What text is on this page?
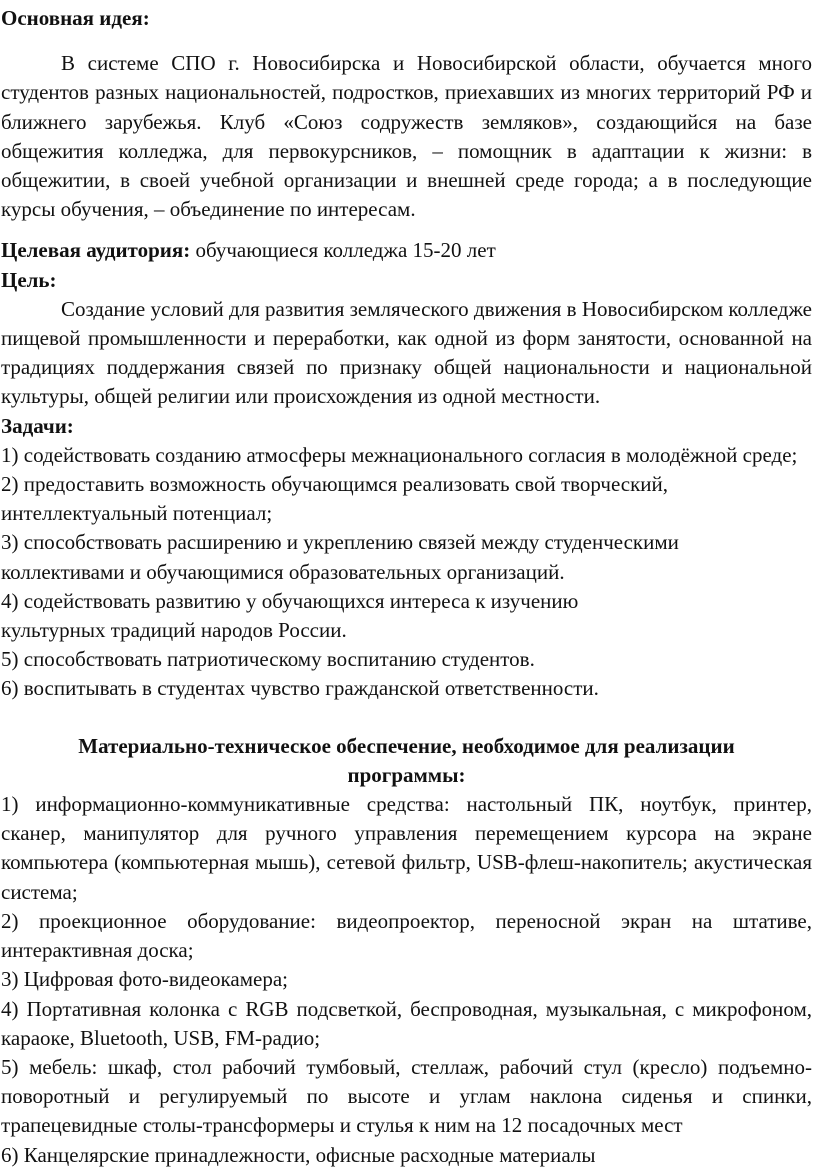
Основная идея:

В системе СПО г. Новосибирска и Новосибирской области, обучается много студентов разных национальностей, подростков, приехавших из многих территорий РФ и ближнего зарубежья. Клуб «Союз содружеств земляков», создающийся на базе общежития колледжа, для первокурсников, – помощник в адаптации к жизни: в общежитии, в своей учебной организации и внешней среде города; а в последующие курсы обучения, – объединение по интересам.

Целевая аудитория: обучающиеся колледжа 15-20 лет

Цель:

Создание условий для развития земляческого движения в Новосибирском колледже пищевой промышленности и переработки, как одной из форм занятости, основанной на традициях поддержания связей по признаку общей национальности и национальной культуры, общей религии или происхождения из одной местности.

Задачи:

1) содействовать созданию атмосферы межнационального согласия в молодёжной среде;

2) предоставить возможность обучающимся реализовать свой творческий,

интеллектуальный потенциал;

3) способствовать расширению и укреплению связей между студенческими

коллективами и обучающимися образовательных организаций.

4) содействовать развитию у обучающихся интереса к изучению

культурных традиций народов России.

5) способствовать патриотическому воспитанию студентов.

6) воспитывать в студентах чувство гражданской ответственности.

Материально-техническое обеспечение, необходимое для реализации программы:

1) информационно-коммуникативные средства: настольный ПК, ноутбук, принтер, сканер, манипулятор для ручного управления перемещением курсора на экране компьютера (компьютерная мышь), сетевой фильтр, USB-флеш-накопитель; акустическая система;

2) проекционное оборудование: видеопроектор, переносной экран на штативе, интерактивная доска;

3) Цифровая фото-видеокамера;

4) Портативная колонка с RGB подсветкой, беспроводная, музыкальная, с микрофоном, караоке, Bluetooth, USB, FM-радио;

5) мебель: шкаф, стол рабочий тумбовый, стеллаж, рабочий стул (кресло) подъемно-поворотный и регулируемый по высоте и углам наклона сиденья и спинки, трапецевидные столы-трансформеры и стулья к ним на 12 посадочных мест

6) Канцелярские принадлежности, офисные расходные материалы
